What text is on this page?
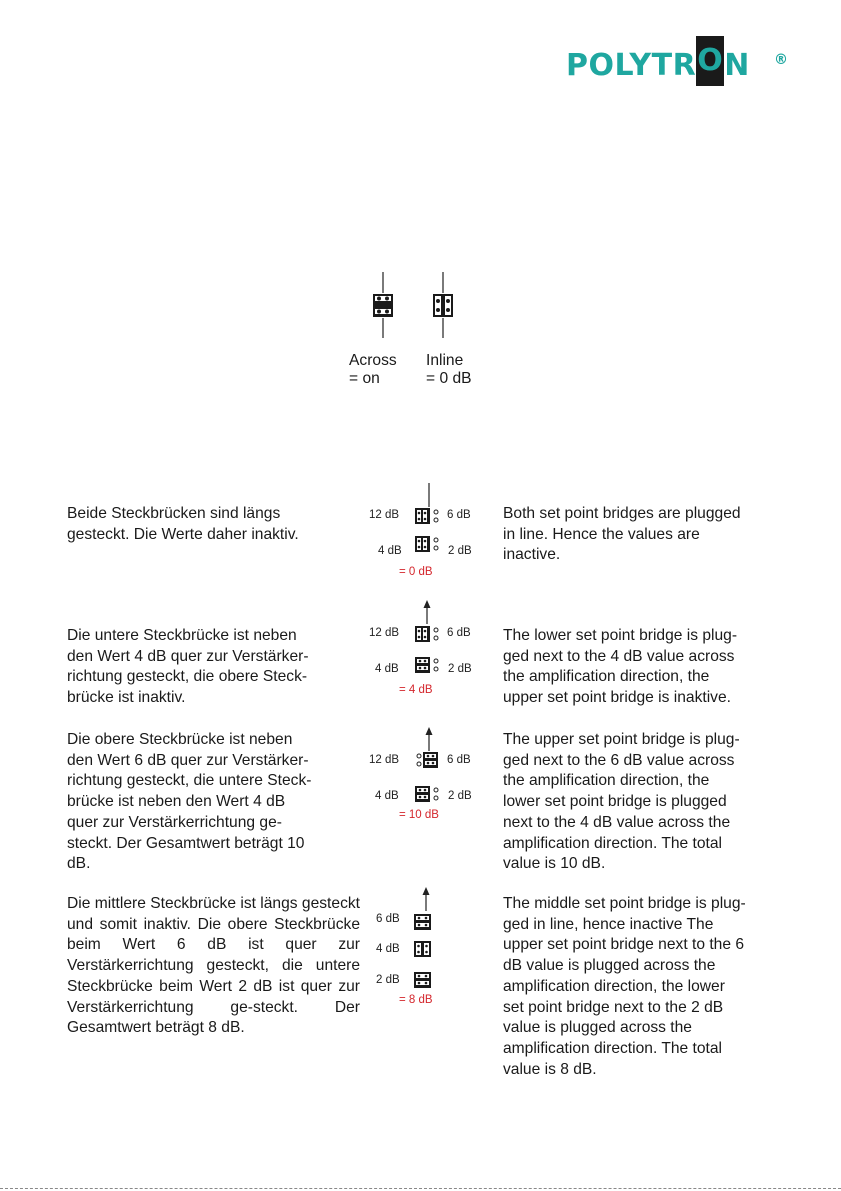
POLYTRON ®
Across
= on
Inline
= 0 dB
Beide Steckbrücken sind längs
gesteckt. Die Werte daher inaktiv.
Both set point bridges are plugged
in line. Hence the values are
inactive.
12 dB	6 dB
4 dB	2 dB
= 0 dB
Die untere Steckbrücke ist neben
den Wert 4 dB quer zur Verstärker-
richtung gesteckt, die obere Steck-
brücke ist inaktiv.
The lower set point bridge is plug-
ged next to the 4 dB value across
the amplification direction, the
upper set point bridge is inaktive.
12 dB	6 dB
4 dB	2 dB
= 4 dB
Die obere Steckbrücke ist neben
den Wert 6 dB quer zur Verstärker-
richtung gesteckt, die untere Steck-
brücke ist neben den Wert 4 dB
quer zur Verstärkerrichtung ge-
steckt. Der Gesamtwert beträgt 10
dB.
The upper set point bridge is plug-
ged next to the 6 dB value across
the amplification direction, the
lower set point bridge is plugged
next to the 4 dB value across the
amplification direction. The total
value is 10 dB.
12 dB	6 dB
4 dB	2 dB
= 10 dB
Die mittlere Steckbrücke ist längs gesteckt und somit inaktiv. Die obere Steckbrücke beim Wert 6 dB ist quer zur Verstärkerrichtung gesteckt, die untere Steckbrücke beim Wert 2 dB ist quer zur Verstärkerrichtung ge-steckt. Der Gesamtwert beträgt 8 dB.
The middle set point bridge is plug-
ged in line, hence inactive The
upper set point bridge next to the 6
dB value is plugged across the
amplification direction, the lower
set point bridge next to the 2 dB
value is plugged across the
amplification direction. The total
value is 8 dB.
6 dB
4 dB
2 dB
= 8 dB
